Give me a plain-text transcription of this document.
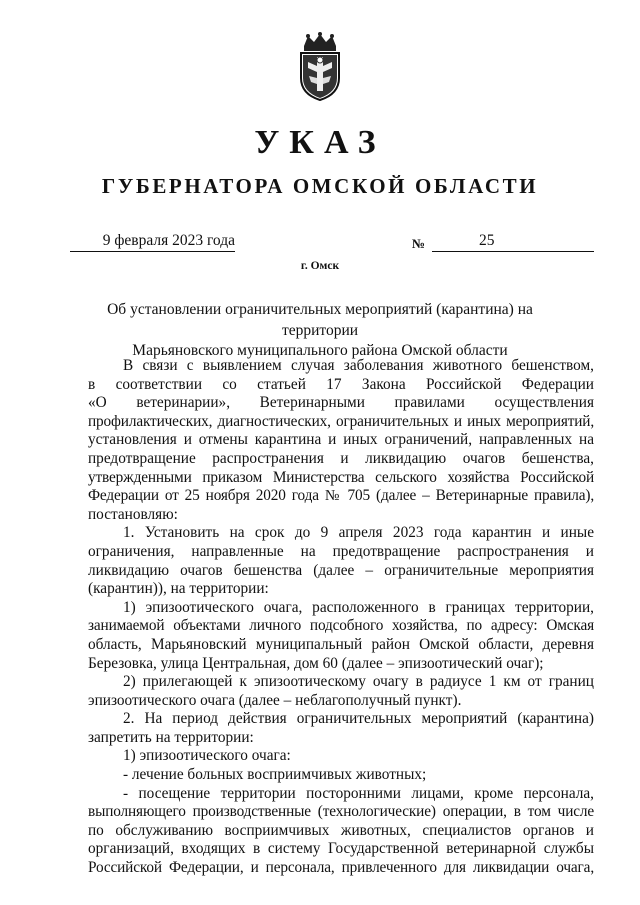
УКАЗ
ГУБЕРНАТОРА ОМСКОЙ ОБЛАСТИ
9 февраля 2023 года	№	25
г. Омск
Об установлении ограничительных мероприятий (карантина) на территории
Марьяновского муниципального района Омской области

В связи с выявлением случая заболевания животного бешенством,

в соответствии со статьей 17 Закона Российской Федерации

«О ветеринарии», Ветеринарными правилами осуществления

профилактических, диагностических, ограничительных и иных мероприятий,

установления и отмены карантина и иных ограничений, направленных на

предотвращение распространения и ликвидацию очагов бешенства,

утвержденными приказом Министерства сельского хозяйства Российской

Федерации от 25 ноября 2020 года № 705 (далее – Ветеринарные правила),

постановляю:

1. Установить на срок до 9 апреля 2023 года карантин и иные

ограничения, направленные на предотвращение распространения и

ликвидацию очагов бешенства (далее – ограничительные мероприятия

(карантин)), на территории:

1) эпизоотического очага, расположенного в границах территории,

занимаемой объектами личного подсобного хозяйства, по адресу: Омская

область, Марьяновский муниципальный район Омской области, деревня

Березовка, улица Центральная, дом 60 (далее – эпизоотический очаг);

2) прилегающей к эпизоотическому очагу в радиусе 1 км от границ

эпизоотического очага (далее – неблагополучный пункт).

2. На период действия ограничительных мероприятий (карантина)

запретить на территории:

1) эпизоотического очага:

- лечение больных восприимчивых животных;

- посещение территории посторонними лицами, кроме персонала,

выполняющего производственные (технологические) операции, в том числе

по обслуживанию восприимчивых животных, специалистов органов и

организаций, входящих в систему Государственной ветеринарной службы

Российской Федерации, и персонала, привлеченного для ликвидации очага,
